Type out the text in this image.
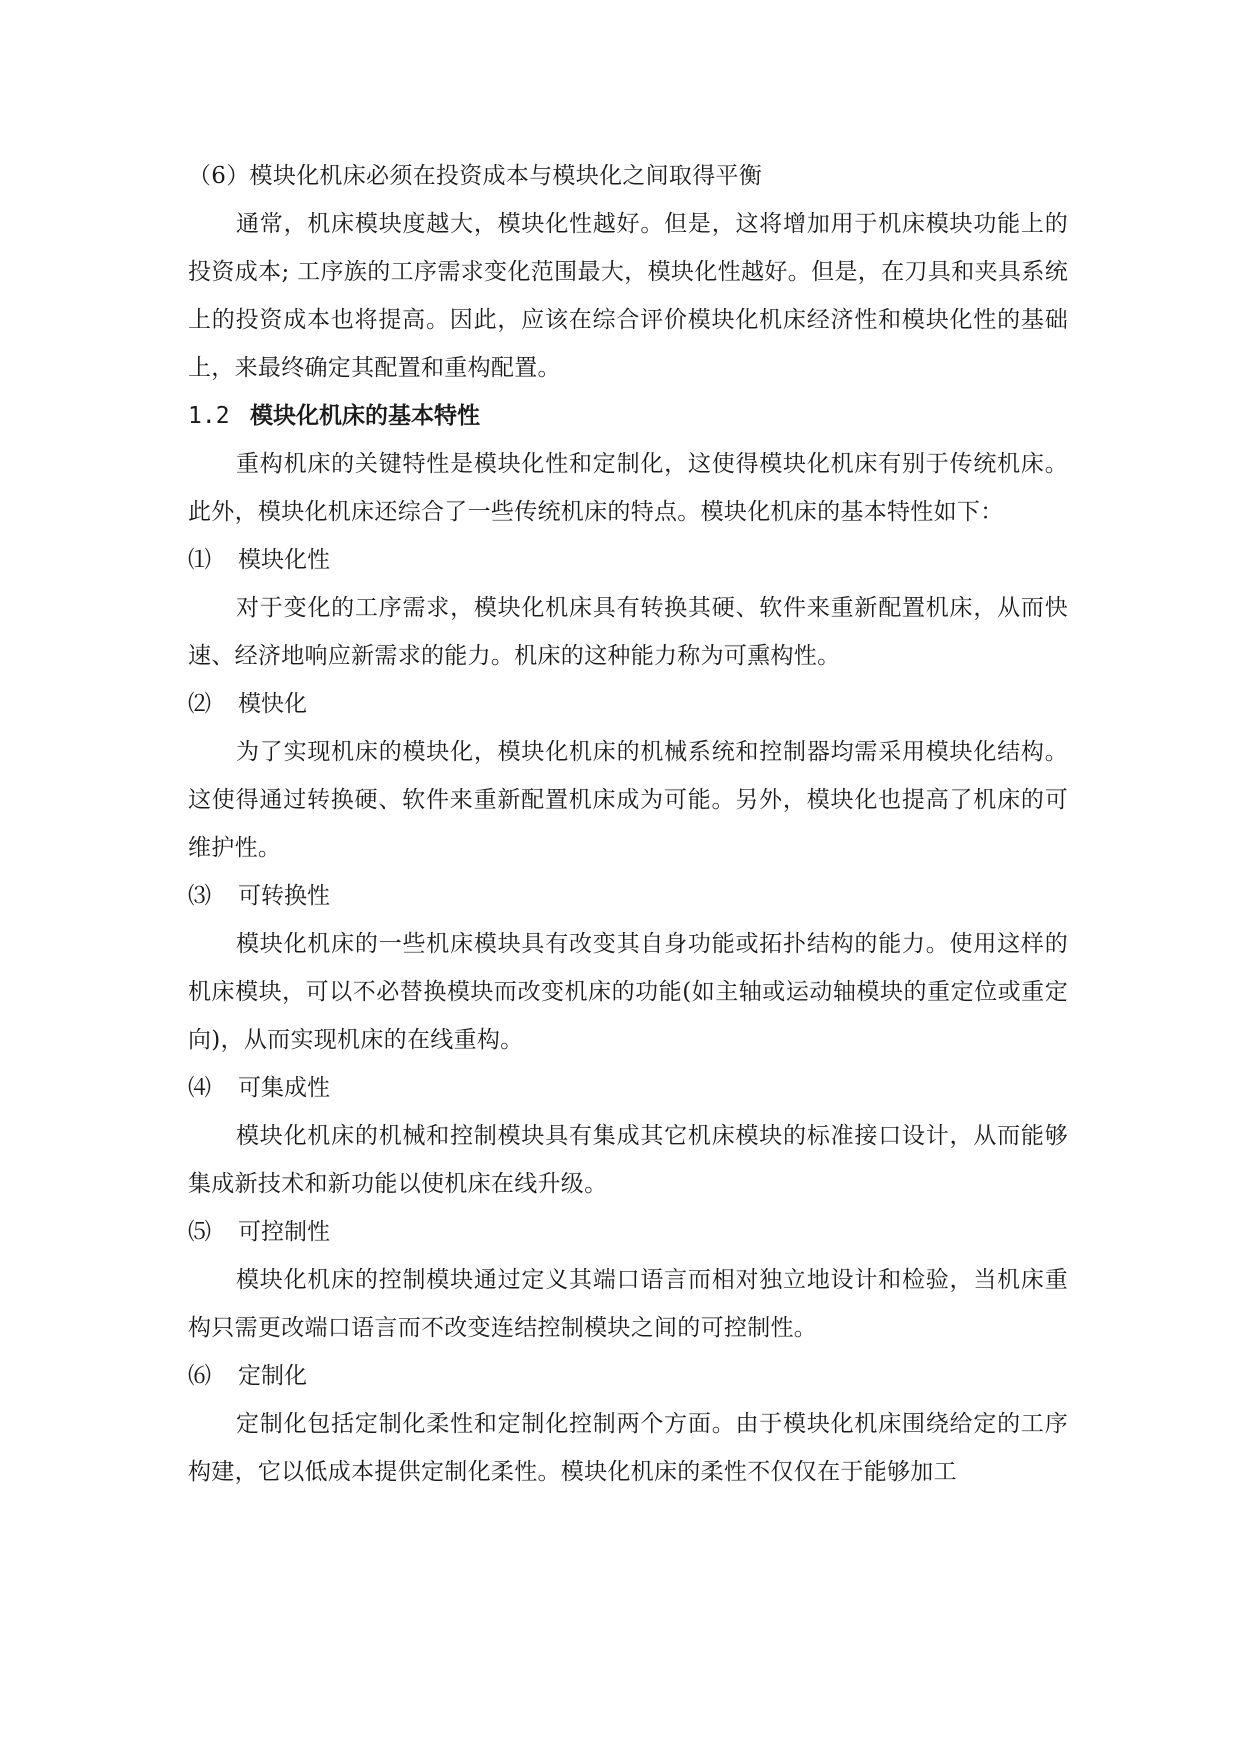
（6）模块化机床必须在投资成本与模块化之间取得平衡

通常，机床模块度越大，模块化性越好。但是，这将增加用于机床模块功能上的投资成本; 工序族的工序需求变化范围最大，模块化性越好。但是，在刀具和夹具系统上的投资成本也将提高。因此，应该在综合评价模块化机床经济性和模块化性的基础上，来最终确定其配置和重构配置。

1.2 模块化机床的基本特性

重构机床的关键特性是模块化性和定制化，这使得模块化机床有别于传统机床。此外，模块化机床还综合了一些传统机床的特点。模块化机床的基本特性如下：

⑴ 模块化性

对于变化的工序需求，模块化机床具有转换其硬、软件来重新配置机床，从而快速、经济地响应新需求的能力。机床的这种能力称为可熏构性。

⑵ 模快化

为了实现机床的模块化，模块化机床的机械系统和控制器均需采用模块化结构。这使得通过转换硬、软件来重新配置机床成为可能。另外，模块化也提高了机床的可维护性。

⑶ 可转换性

模块化机床的一些机床模块具有改变其自身功能或拓扑结构的能力。使用这样的机床模块，可以不必替换模块而改变机床的功能(如主轴或运动轴模块的重定位或重定向)，从而实现机床的在线重构。

⑷ 可集成性

模块化机床的机械和控制模块具有集成其它机床模块的标准接口设计，从而能够集成新技术和新功能以使机床在线升级。

⑸ 可控制性

模块化机床的控制模块通过定义其端口语言而相对独立地设计和检验，当机床重构只需更改端口语言而不改变连结控制模块之间的可控制性。

⑹ 定制化

定制化包括定制化柔性和定制化控制两个方面。由于模块化机床围绕给定的工序构建，它以低成本提供定制化柔性。模块化机床的柔性不仅仅在于能够加工
